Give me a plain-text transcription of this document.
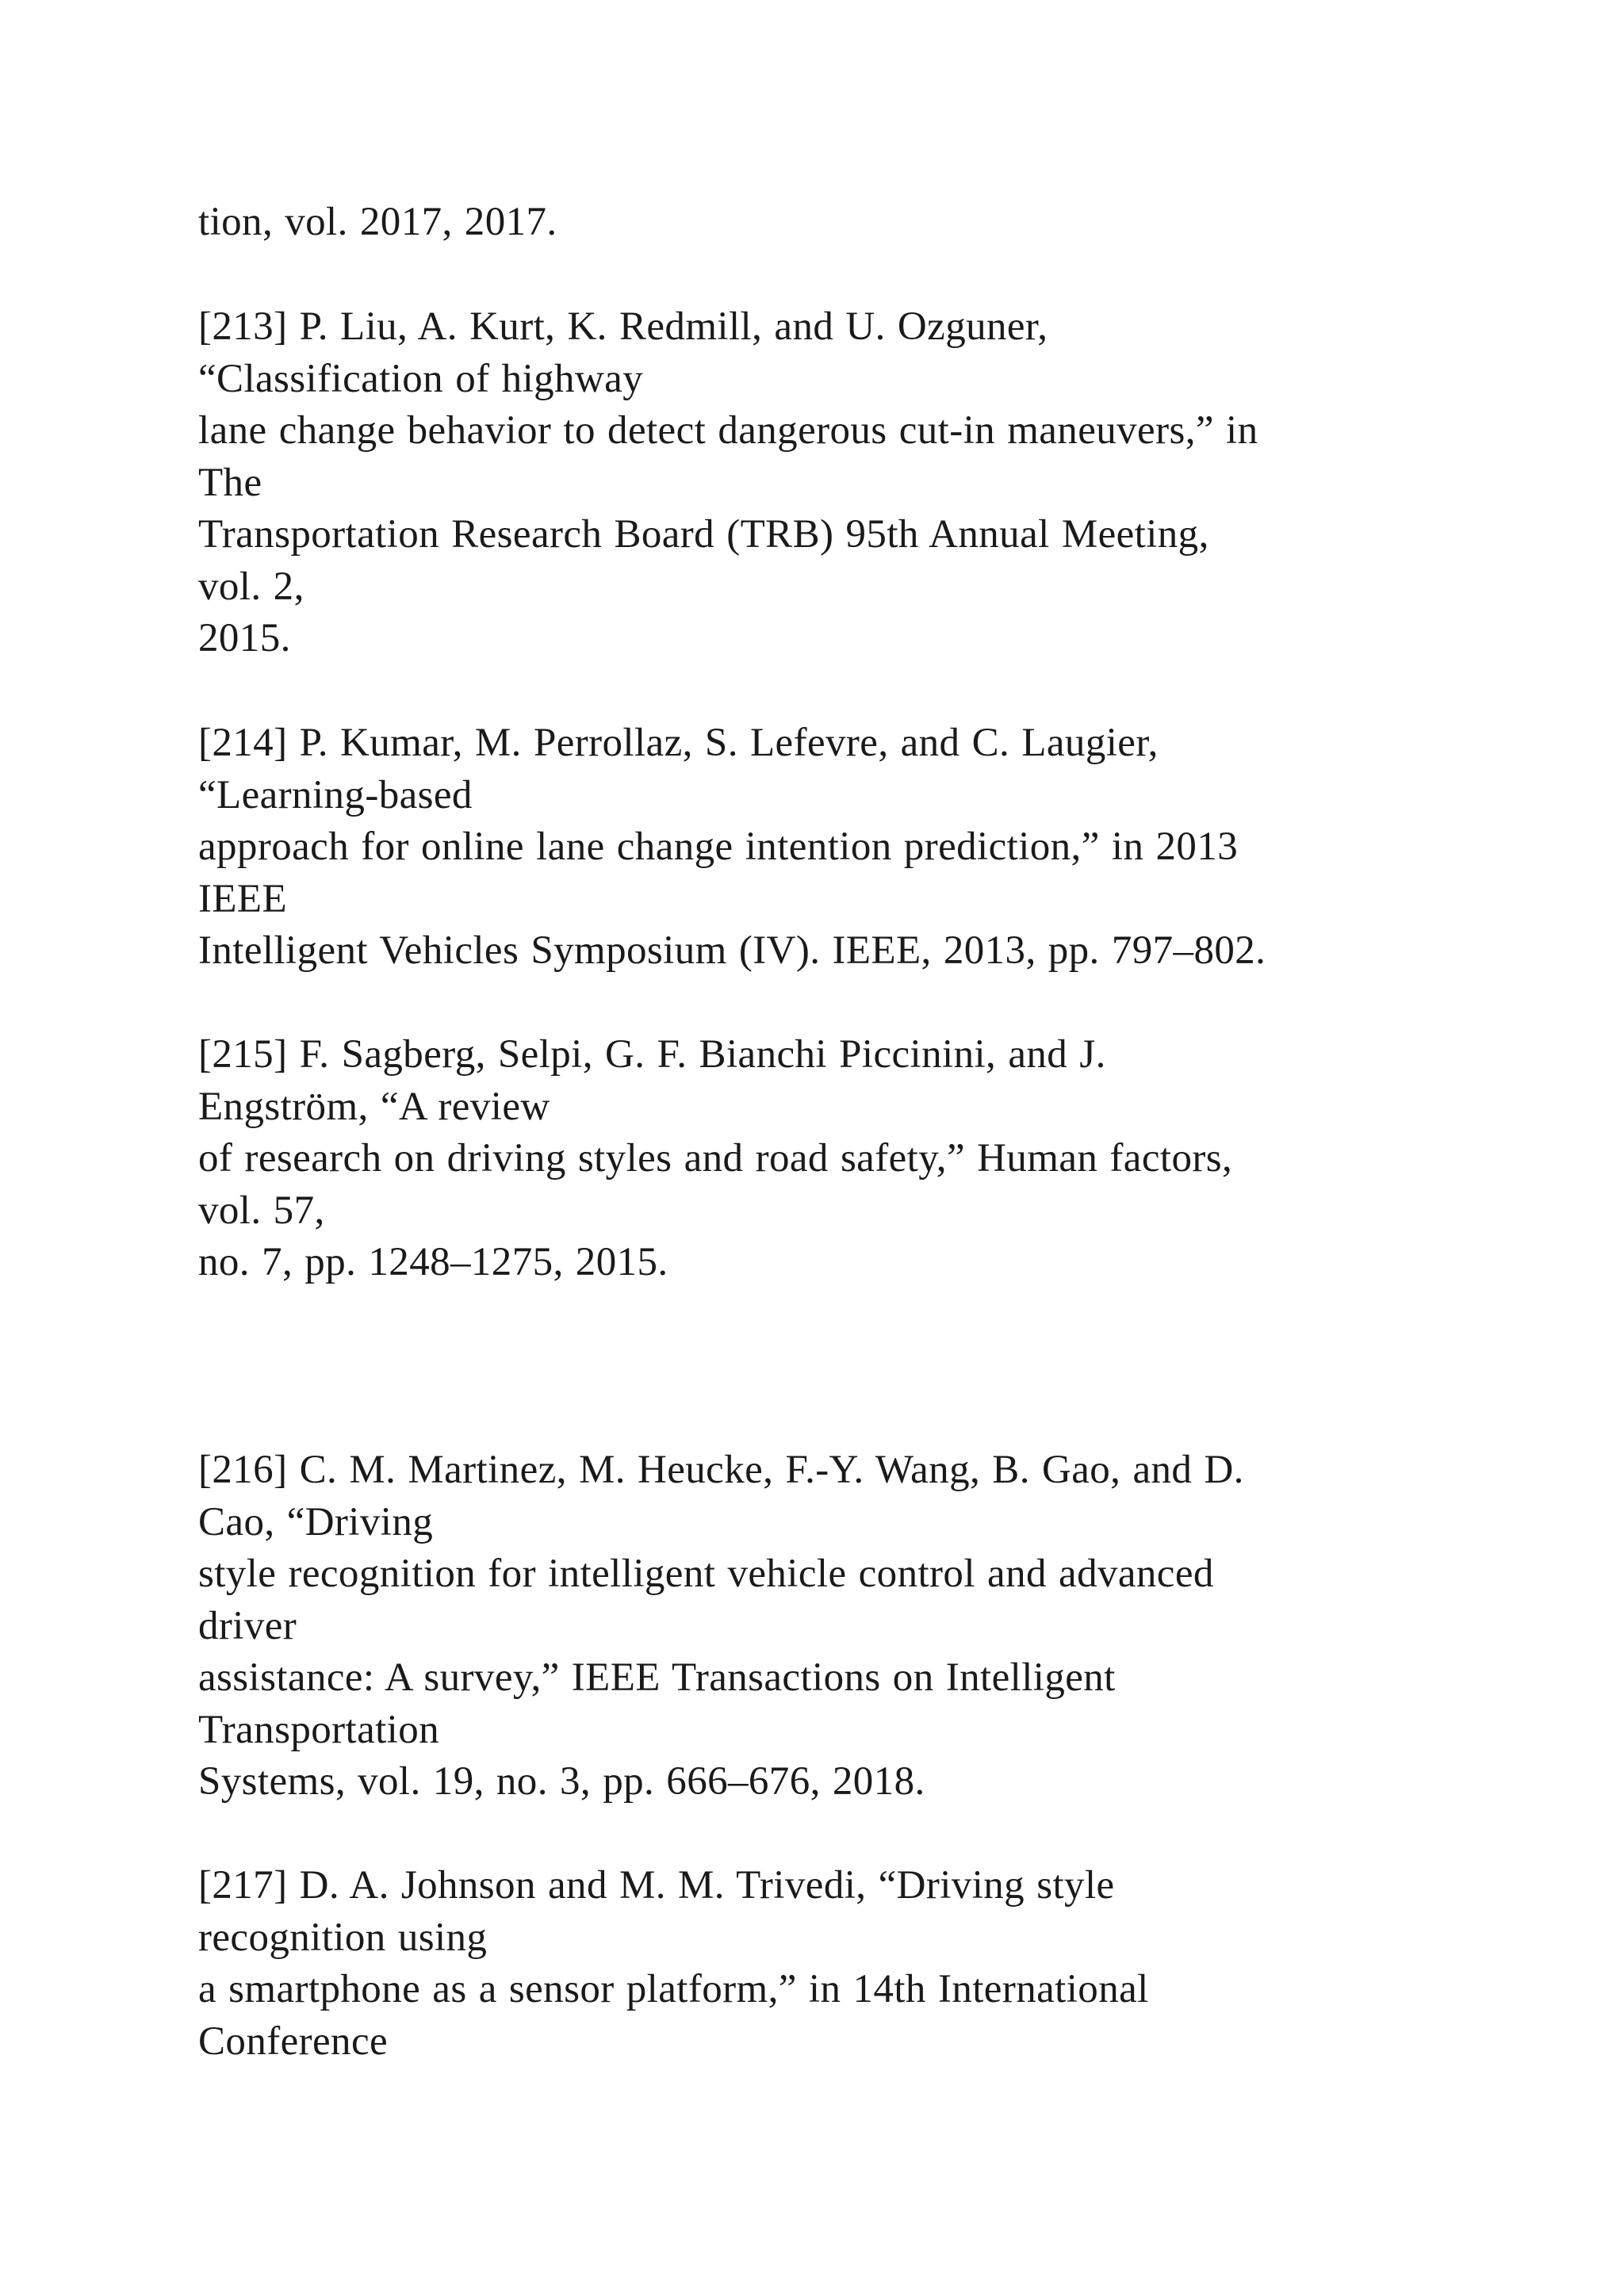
tion, vol. 2017, 2017.

[213] P. Liu, A. Kurt, K. Redmill, and U. Ozguner,
“Classification of highway
lane change behavior to detect dangerous cut-in maneuvers,” in
The
Transportation Research Board (TRB) 95th Annual Meeting,
vol. 2,
2015.

[214] P. Kumar, M. Perrollaz, S. Lefevre, and C. Laugier,
“Learning-based
approach for online lane change intention prediction,” in 2013
IEEE
Intelligent Vehicles Symposium (IV). IEEE, 2013, pp. 797–802.

[215] F. Sagberg, Selpi, G. F. Bianchi Piccinini, and J.
Engström, “A review
of research on driving styles and road safety,” Human factors,
vol. 57,
no. 7, pp. 1248–1275, 2015.

[216] C. M. Martinez, M. Heucke, F.-Y. Wang, B. Gao, and D.
Cao, “Driving
style recognition for intelligent vehicle control and advanced
driver
assistance: A survey,” IEEE Transactions on Intelligent
Transportation
Systems, vol. 19, no. 3, pp. 666–676, 2018.

[217] D. A. Johnson and M. M. Trivedi, “Driving style
recognition using
a smartphone as a sensor platform,” in 14th International
Conference
